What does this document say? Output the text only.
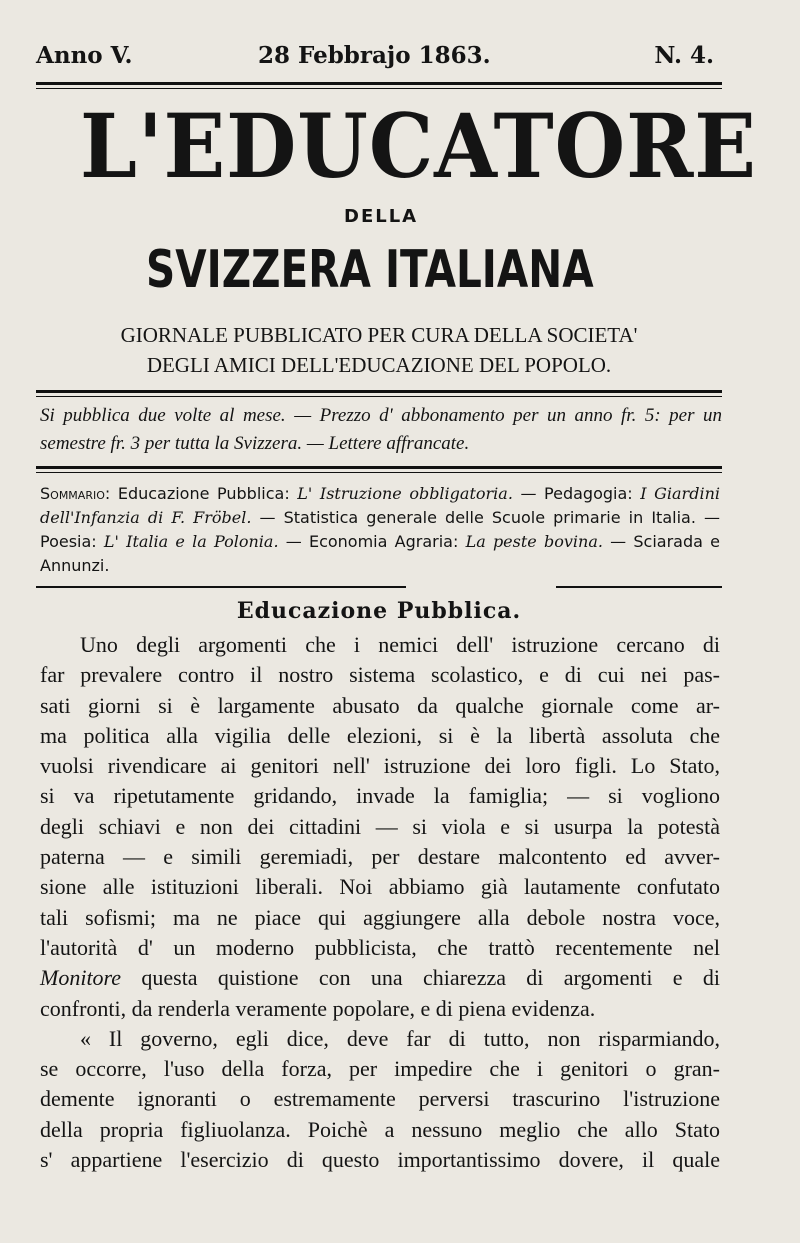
Anno V.	28 Febbrajo 1863.	N. 4.
L'EDUCATORE
DELLA
SVIZZERA ITALIANA
GIORNALE PUBBLICATO PER CURA DELLA SOCIETA'
DEGLI AMICI DELL'EDUCAZIONE DEL POPOLO.
Si pubblica due volte al mese. — Prezzo d' abbonamento per un anno fr. 5: per un semestre fr. 3 per tutta la Svizzera. — Lettere affrancate.
Sommario: Educazione Pubblica: L' Istruzione obbligatoria. — Pedagogia: I Giardini dell'Infanzia di F. Fröbel. — Statistica generale delle Scuole primarie in Italia. — Poesia: L' Italia e la Polonia. — Economia Agraria: La peste bovina. — Sciarada e Annunzi.
Educazione Pubblica.
Uno degli argomenti che i nemici dell' istruzione cercano di
far prevalere contro il nostro sistema scolastico, e di cui nei pas-
sati giorni si è largamente abusato da qualche giornale come ar-
ma politica alla vigilia delle elezioni, si è la libertà assoluta che
vuolsi rivendicare ai genitori nell' istruzione dei loro figli. Lo Stato,
si va ripetutamente gridando, invade la famiglia; — si vogliono
degli schiavi e non dei cittadini — si viola e si usurpa la potestà
paterna — e simili geremiadi, per destare malcontento ed avver-
sione alle istituzioni liberali. Noi abbiamo già lautamente confutato
tali sofismi; ma ne piace qui aggiungere alla debole nostra voce,
l'autorità d' un moderno pubblicista, che trattò recentemente nel
Monitore questa quistione con una chiarezza di argomenti e di
confronti, da renderla veramente popolare, e di piena evidenza.
« Il governo, egli dice, deve far di tutto, non risparmiando,
se occorre, l'uso della forza, per impedire che i genitori o gran-
demente ignoranti o estremamente perversi trascurino l'istruzione
della propria figliuolanza. Poichè a nessuno meglio che allo Stato
s' appartiene l'esercizio di questo importantissimo dovere, il quale
